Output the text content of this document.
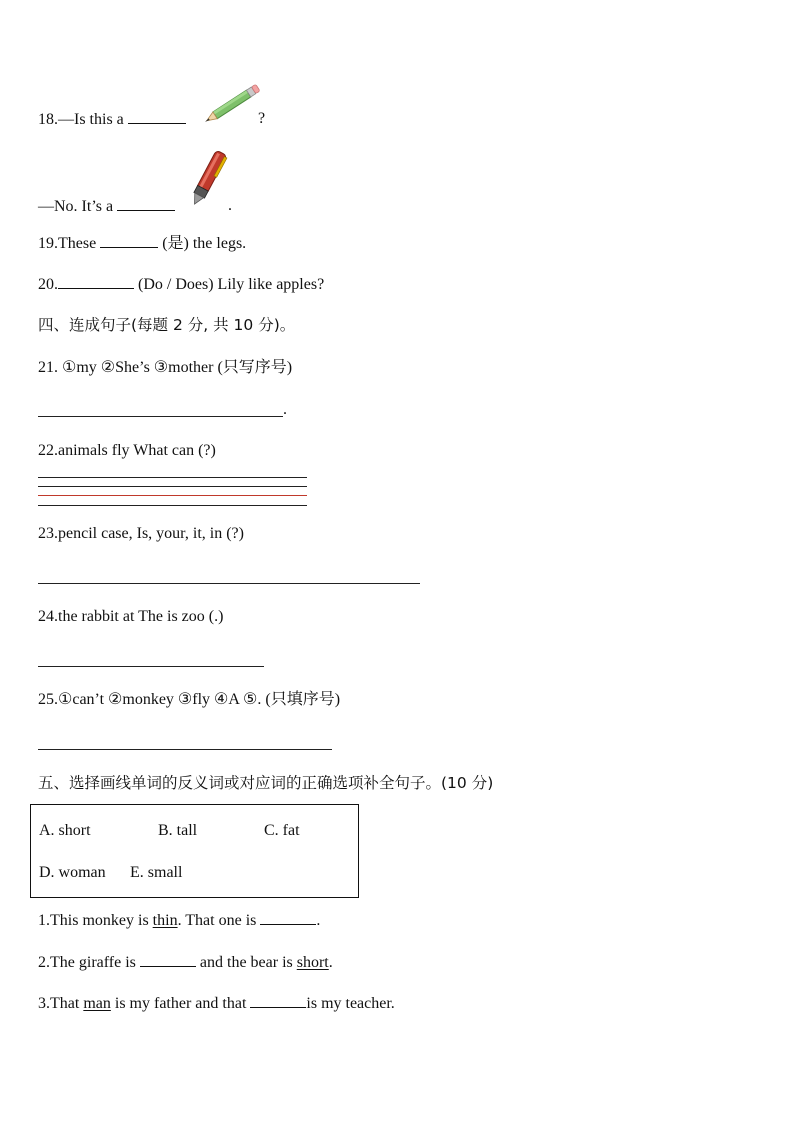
18.—Is this a	?
—No. It’s a	.
19.These	(是) the legs.
20.	(Do / Does) Lily like apples?
四、连成句子(每题 2 分, 共 10 分)。
21. ①my ②She’s ③mother (只写序号)
.
22.animals fly What can (?)
23.pencil case, Is, your, it, in (?)
24.the rabbit at The is zoo (.)
25.①can’t ②monkey ③fly ④A ⑤. (只填序号)
五、选择画线单词的反义词或对应词的正确选项补全句子。(10 分)
A. short	B. tall	C. fat
D. woman E. small
1.This monkey is thin. That one is	.
2.The giraffe is	and the bear is short.
3.That man is my father and that	is my teacher.
